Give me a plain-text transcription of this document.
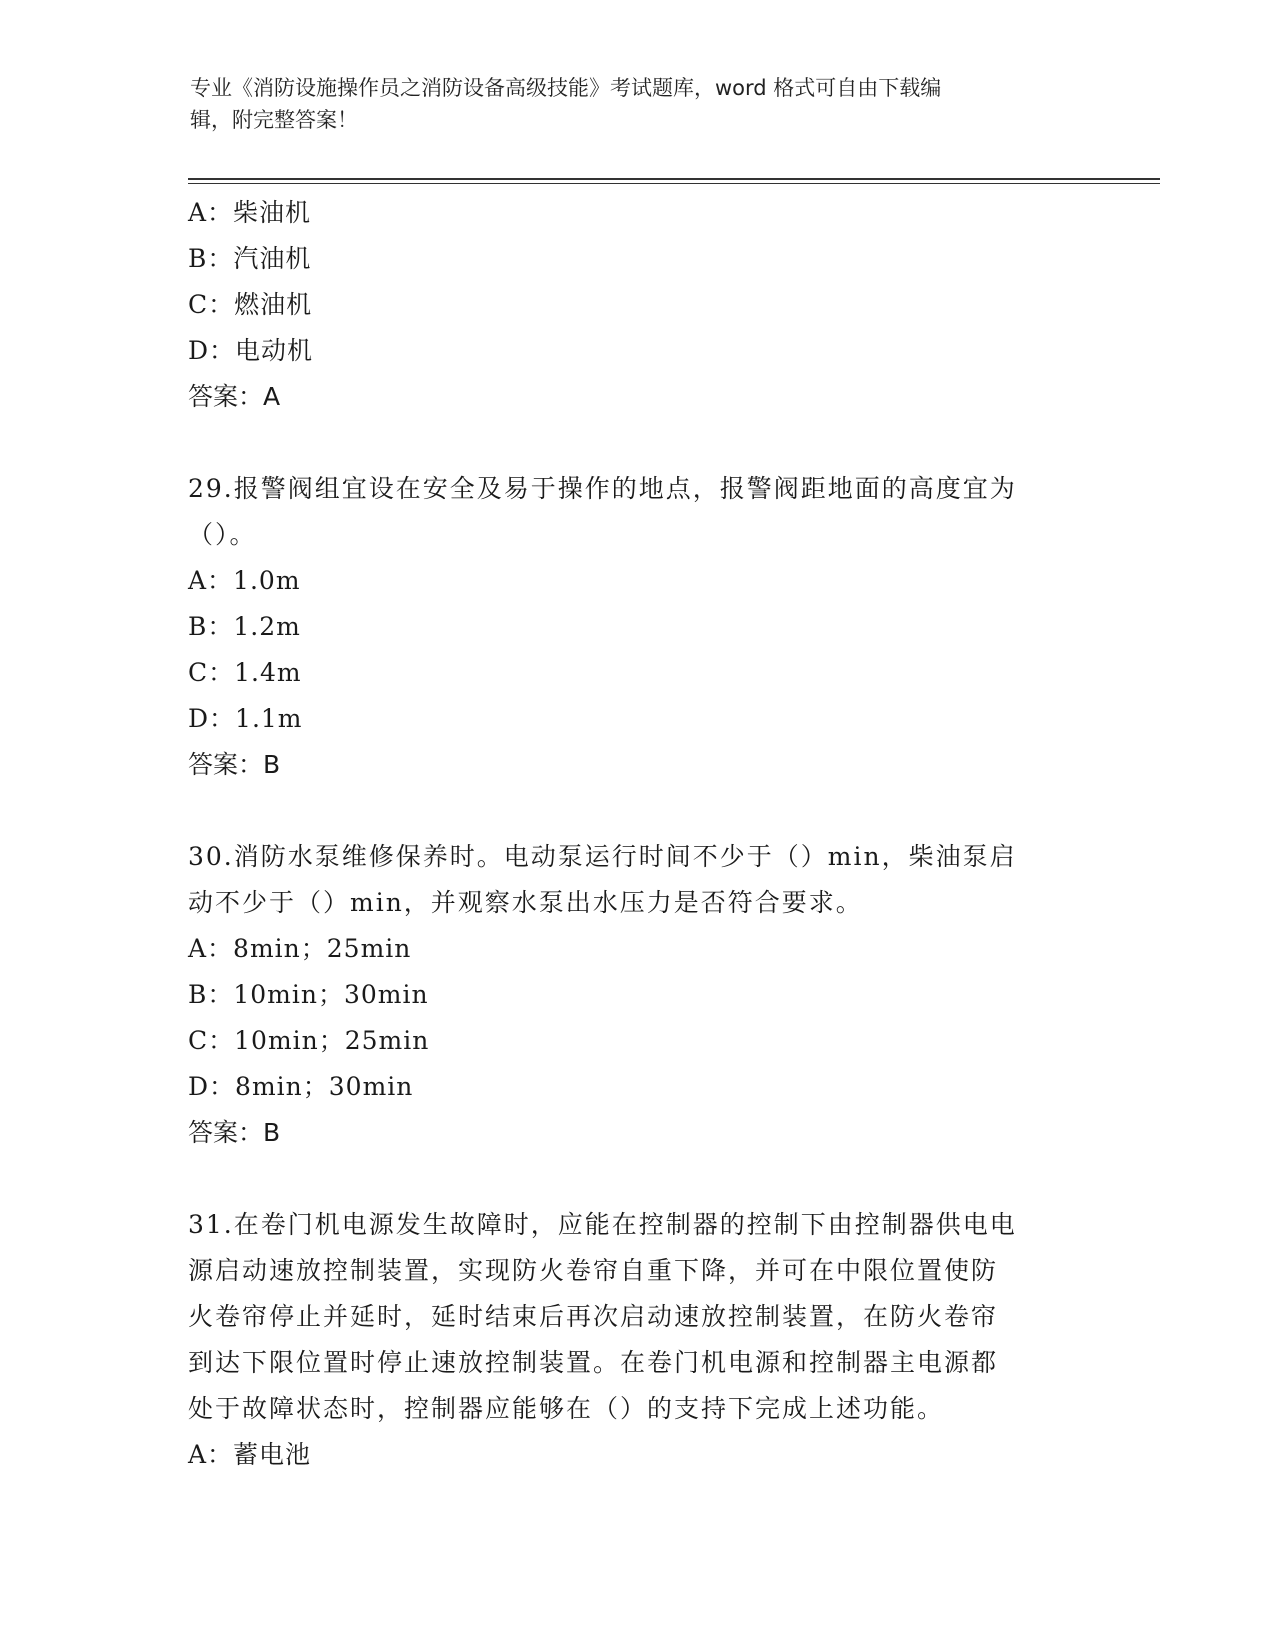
专业《消防设施操作员之消防设备高级技能》考试题库，word 格式可自由下载编
辑，附完整答案！
A：柴油机
B：汽油机
C：燃油机
D：电动机
答案：A
29.报警阀组宜设在安全及易于操作的地点，报警阀距地面的高度宜为
（）。
A：1.0m
B：1.2m
C：1.4m
D：1.1m
答案：B
30.消防水泵维修保养时。电动泵运行时间不少于（）min，柴油泵启
动不少于（）min，并观察水泵出水压力是否符合要求。
A：8min；25min
B：10min；30min
C：10min；25min
D：8min；30min
答案：B
31.在卷门机电源发生故障时，应能在控制器的控制下由控制器供电电
源启动速放控制装置，实现防火卷帘自重下降，并可在中限位置使防
火卷帘停止并延时，延时结束后再次启动速放控制装置，在防火卷帘
到达下限位置时停止速放控制装置。在卷门机电源和控制器主电源都
处于故障状态时，控制器应能够在（）的支持下完成上述功能。
A：蓄电池
